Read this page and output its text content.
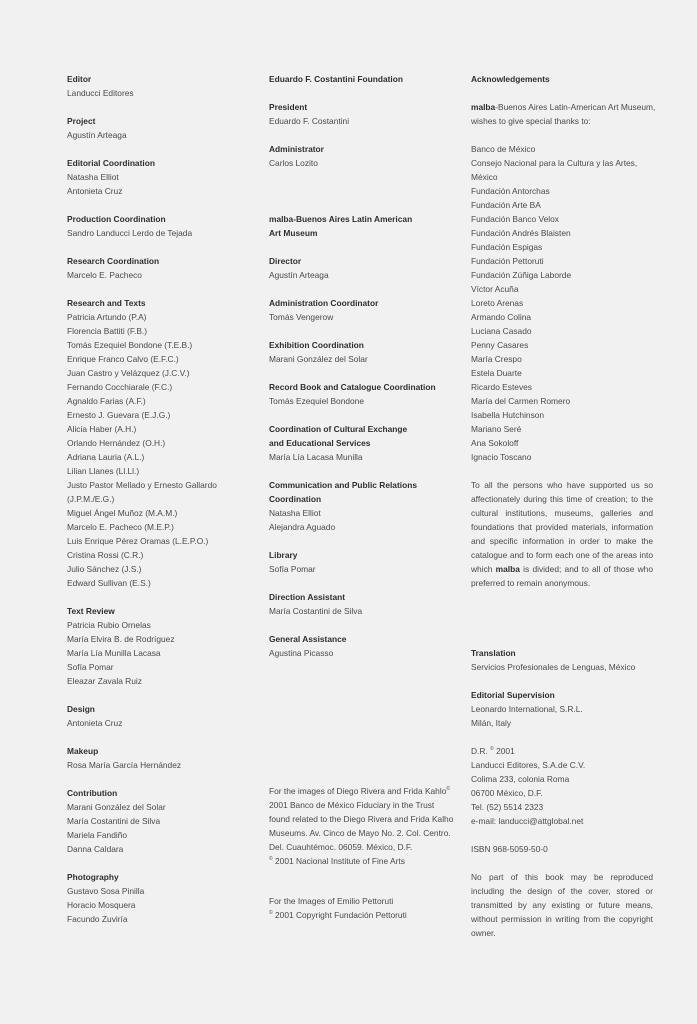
Editor
Landucci Editores
Project
Agustín Arteaga
Editorial Coordination
Natasha Elliot
Antonieta Cruz
Production Coordination
Sandro Landucci Lerdo de Tejada
Research Coordination
Marcelo E. Pacheco
Research and Texts
Patricia Artundo (P.A)
Florencia Battiti (F.B.)
Tomás Ezequiel Bondone (T.E.B.)
Enrique Franco Calvo (E.F.C.)
Juan Castro y Velázquez (J.C.V.)
Fernando Cocchiarale (F.C.)
Agnaldo Farias (A.F.)
Ernesto J. Guevara (E.J.G.)
Alicia Haber (A.H.)
Orlando Hernández (O.H.)
Adriana Lauria (A.L.)
Lilian Llanes (Ll.Ll.)
Justo Pastor Mellado y Ernesto Gallardo
(J.P.M./E.G.)
Miguel Ángel Muñoz (M.A.M.)
Marcelo E. Pacheco (M.E.P.)
Luis Enrique Pérez Oramas (L.E.P.O.)
Cristina Rossi (C.R.)
Julio Sánchez (J.S.)
Edward Sullivan (E.S.)
Text Review
Patricia Rubio Ornelas
María Elvira B. de Rodríguez
María Lía Munilla Lacasa
Sofía Pomar
Eleazar Zavala Ruiz
Design
Antonieta Cruz
Makeup
Rosa María García Hernández
Contribution
Marani González del Solar
María Costantini de Silva
Mariela Fandiño
Danna Caldara
Photography
Gustavo Sosa Pinilla
Horacio Mosquera
Facundo Zuviría
Eduardo F. Costantini Foundation
President
Eduardo F. Costantini
Administrator
Carlos Lozito
malba-Buenos Aires Latin American
Art Museum
Director
Agustín Arteaga
Administration Coordinator
Tomás Vengerow
Exhibition Coordination
Marani González del Solar
Record Book and Catalogue Coordination
Tomás Ezequiel Bondone
Coordination of Cultural Exchange
and Educational Services
María Lía Lacasa Munilla
Communication and Public Relations
Coordination
Natasha Elliot
Alejandra Aguado
Library
Sofía Pomar
Direction Assistant
María Costantini de Silva
General Assistance
Agustina Picasso
For the images of Diego Rivera and Frida Kahlo©
2001 Banco de México Fiduciary in the Trust
found related to the Diego Rivera and Frida Kalho
Museums. Av. Cinco de Mayo No. 2. Col. Centro.
Del. Cuauhtémoc. 06059. México, D.F.
© 2001 Nacional Institute of Fine Arts
For the Images of Emilio Pettoruti
© 2001 Copyright Fundación Pettoruti
Acknowledgements
malba-Buenos Aires Latin-American Art Museum,
wishes to give special thanks to:
Banco de México
Consejo Nacional para la Cultura y las Artes,
México
Fundación Antorchas
Fundación Arte BA
Fundación Banco Velox
Fundación Andrés Blaisten
Fundación Espigas
Fundación Pettoruti
Fundación Zúñiga Laborde
Víctor Acuña
Loreto Arenas
Armando Colina
Luciana Casado
Penny Casares
María Crespo
Estela Duarte
Ricardo Esteves
María del Carmen Romero
Isabella Hutchinson
Mariano Seré
Ana Sokoloff
Ignacio Toscano
To all the persons who have supported us so affectionately during this time of creation; to the cultural institutions, museums, galleries and foundations that provided materials, information and specific information in order to make the catalogue and to form each one of the areas into which malba is divided; and to all of those who preferred to remain anonymous.
Translation
Servicios Profesionales de Lenguas, México
Editorial Supervision
Leonardo International, S.R.L.
Milán, Italy
D.R. © 2001
Landucci Editores, S.A.de C.V.
Colima 233, colonia Roma
06700 México, D.F.
Tel. (52) 5514 2323
e-mail: landucci@attglobal.net
ISBN 968-5059-50-0
No part of this book may be reproduced including the design of the cover, stored or transmitted by any existing or future means, without permission in writing from the copyright owner.
